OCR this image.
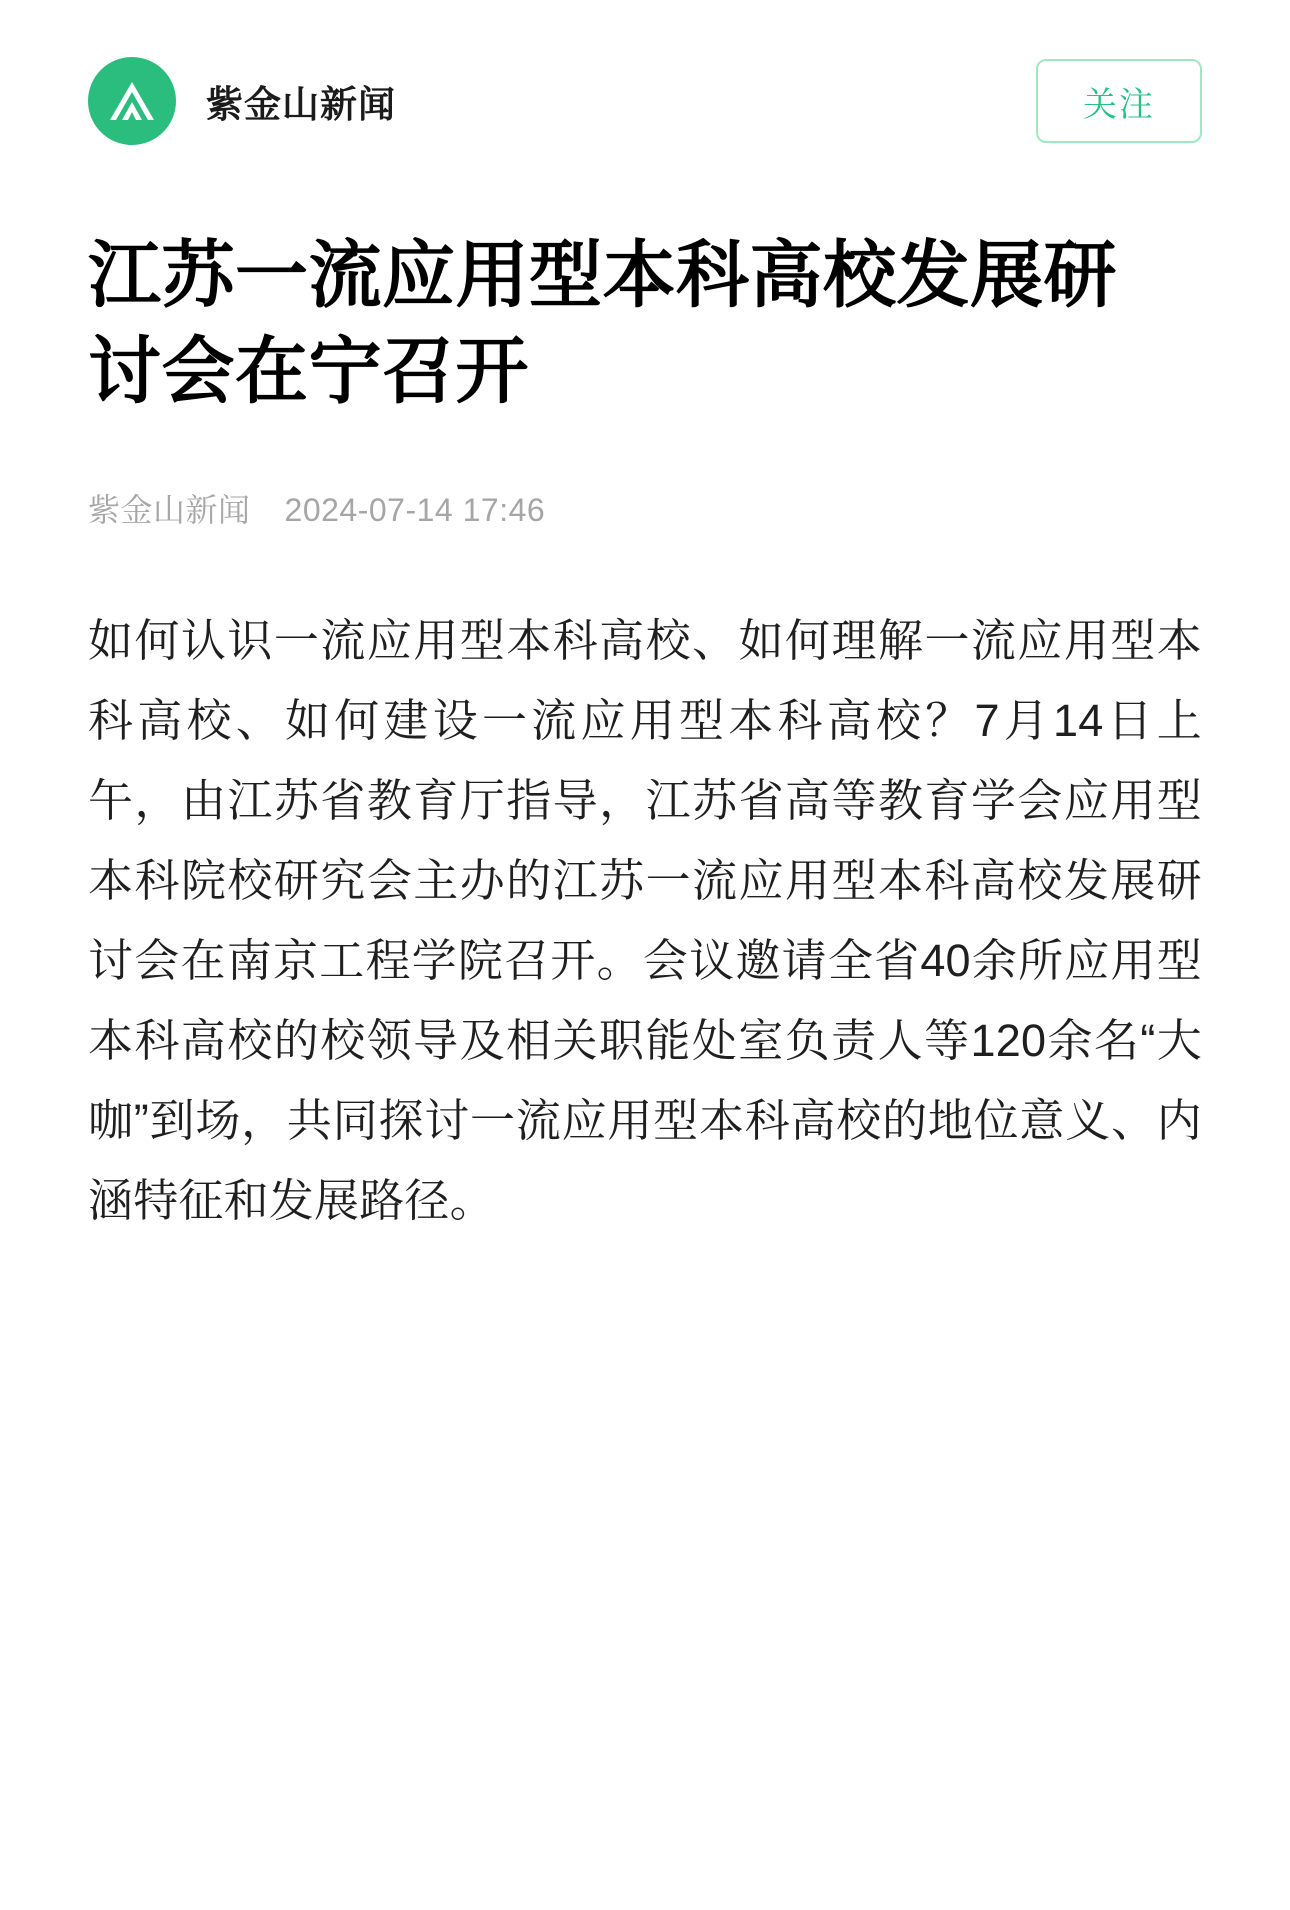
紫金山新闻	关注
江苏一流应用型本科高校发展研讨会在宁召开
紫金山新闻 2024-07-14 17:46

如何认识一流应用型本科高校、如何理解一流应用型本科高校、如何建设一流应用型本科高校？7月14日上午，由江苏省教育厅指导，江苏省高等教育学会应用型本科院校研究会主办的江苏一流应用型本科高校发展研讨会在南京工程学院召开。会议邀请全省40余所应用型本科高校的校领导及相关职能处室负责人等120余名“大咖”到场，共同探讨一流应用型本科高校的地位意义、内涵特征和发展路径。
